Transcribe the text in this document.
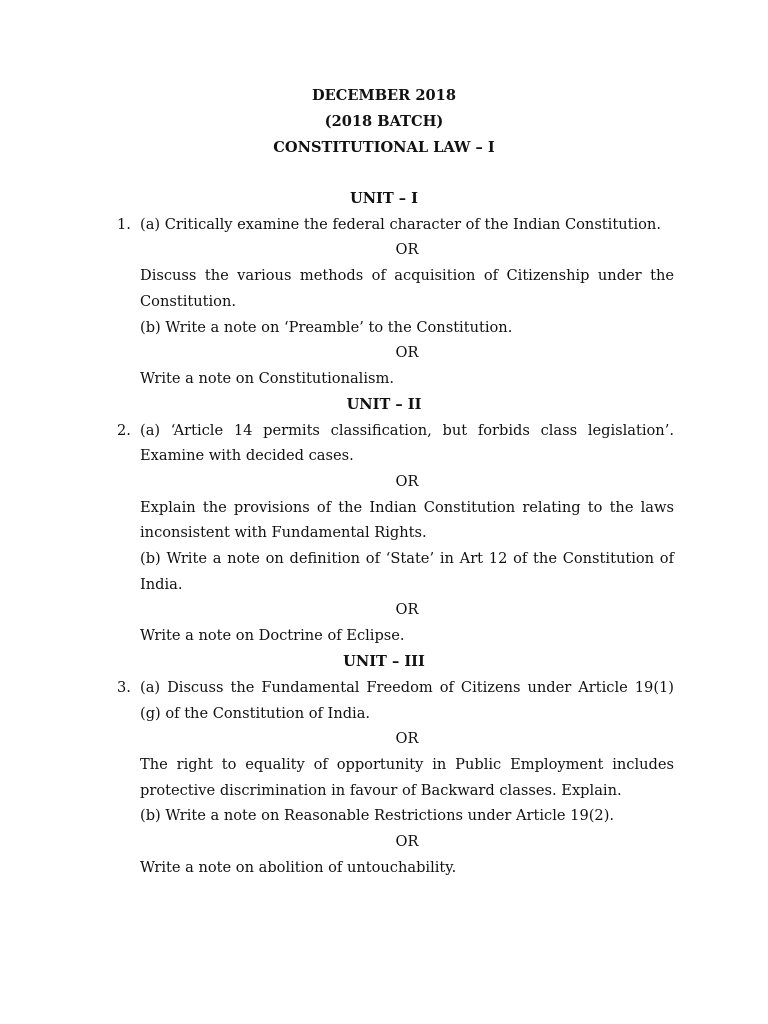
DECEMBER 2018
(2018 BATCH)
CONSTITUTIONAL LAW – I
UNIT – I
1. (a) Critically examine the federal character of the Indian Constitution.
OR
Discuss the various methods of acquisition of Citizenship under the
Constitution.
(b) Write a note on ‘Preamble’ to the Constitution.
OR
Write a note on Constitutionalism.
UNIT – II
2. (a) ‘Article 14 permits classification, but forbids class legislation’.
Examine with decided cases.
OR
Explain the provisions of the Indian Constitution relating to the laws
inconsistent with Fundamental Rights.
(b) Write a note on definition of ‘State’ in Art 12 of the Constitution of
India.
OR
Write a note on Doctrine of Eclipse.
UNIT – III
3. (a) Discuss the Fundamental Freedom of Citizens under Article 19(1)
(g) of the Constitution of India.
OR
The right to equality of opportunity in Public Employment includes
protective discrimination in favour of Backward classes. Explain.
(b) Write a note on Reasonable Restrictions under Article 19(2).
OR
Write a note on abolition of untouchability.
